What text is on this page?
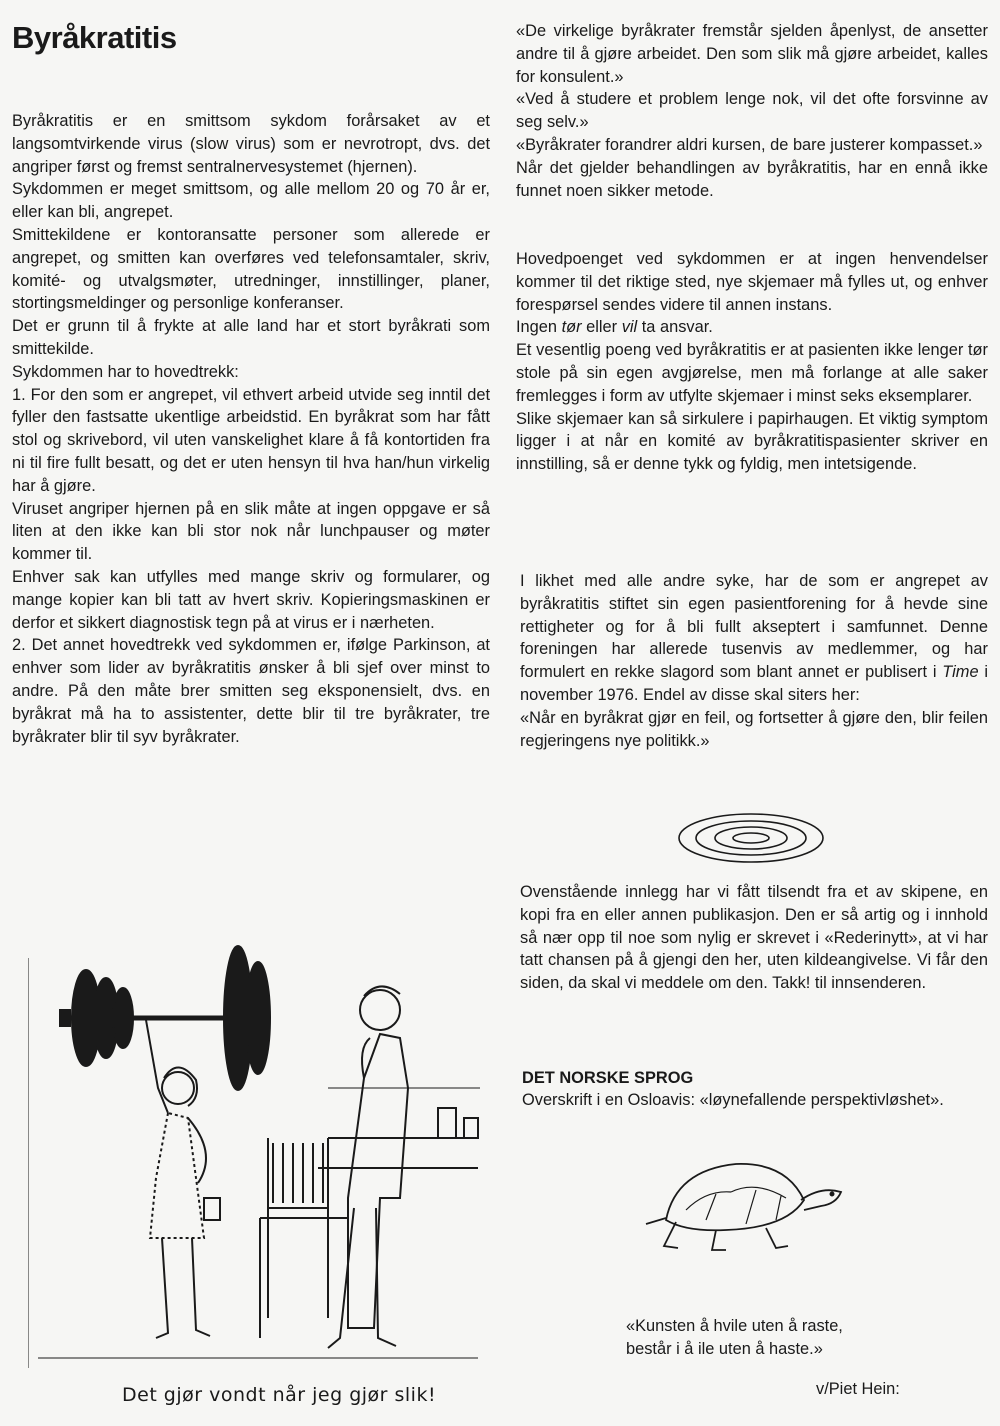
Byråkratitis

Byråkratitis er en smittsom sykdom forårsaket av et langsomtvirkende virus (slow virus) som er nevrotropt, dvs. det angriper først og fremst sentralnervesystemet (hjernen).

Sykdommen er meget smittsom, og alle mellom 20 og 70 år er, eller kan bli, angrepet.

Smittekildene er kontoransatte personer som allerede er angrepet, og smitten kan overføres ved telefonsamtaler, skriv, komité- og utvalgsmøter, utredninger, innstillinger, planer, stortingsmeldinger og personlige konferanser.

Det er grunn til å frykte at alle land har et stort byråkrati som smittekilde.

Sykdommen har to hovedtrekk:

1. For den som er angrepet, vil ethvert arbeid utvide seg inntil det fyller den fastsatte ukentlige arbeidstid. En byråkrat som har fått stol og skrivebord, vil uten vanskelighet klare å få kontortiden fra ni til fire fullt besatt, og det er uten hensyn til hva han/hun virkelig har å gjøre.

Viruset angriper hjernen på en slik måte at ingen oppgave er så liten at den ikke kan bli stor nok når lunchpauser og møter kommer til.

Enhver sak kan utfylles med mange skriv og formularer, og mange kopier kan bli tatt av hvert skriv. Kopieringsmaskinen er derfor et sikkert diagnostisk tegn på at virus er i nærheten.

2. Det annet hovedtrekk ved sykdommen er, ifølge Parkinson, at enhver som lider av byråkratitis ønsker å bli sjef over minst to andre. På den måte brer smitten seg eksponensielt, dvs. en byråkrat må ha to assistenter, dette blir til tre byråkrater, tre byråkrater blir til syv byråkrater.

Det gjør vondt når jeg gjør slik!

«De virkelige byråkrater fremstår sjelden åpenlyst, de ansetter andre til å gjøre arbeidet. Den som slik må gjøre arbeidet, kalles for konsulent.»

«Ved å studere et problem lenge nok, vil det ofte forsvinne av seg selv.»

«Byråkrater forandrer aldri kursen, de bare justerer kompasset.»

Når det gjelder behandlingen av byråkratitis, har en ennå ikke funnet noen sikker metode.

Hovedpoenget ved sykdommen er at ingen henvendelser kommer til det riktige sted, nye skjemaer må fylles ut, og enhver forespørsel sendes videre til annen instans.

Ingen tør eller vil ta ansvar.

Et vesentlig poeng ved byråkratitis er at pasienten ikke lenger tør stole på sin egen avgjørelse, men må forlange at alle saker fremlegges i form av utfylte skjemaer i minst seks eksemplarer.

Slike skjemaer kan så sirkulere i papirhaugen. Et viktig symptom ligger i at når en komité av byråkratitispasienter skriver en innstilling, så er denne tykk og fyldig, men intetsigende.

I likhet med alle andre syke, har de som er angrepet av byråkratitis stiftet sin egen pasientforening for å hevde sine rettigheter og for å bli fullt akseptert i samfunnet. Denne foreningen har allerede tusenvis av medlemmer, og har formulert en rekke slagord som blant annet er publisert i Time i november 1976. Endel av disse skal siters her:

«Når en byråkrat gjør en feil, og fortsetter å gjøre den, blir feilen regjeringens nye politikk.»

Ovenstående innlegg har vi fått tilsendt fra et av skipene, en kopi fra en eller annen publikasjon. Den er så artig og i innhold så nær opp til noe som nylig er skrevet i «Rederinytt», at vi har tatt chansen på å gjengi den her, uten kildeangivelse. Vi får den siden, da skal vi meddele om den. Takk! til innsenderen.

DET NORSKE SPROG

Overskrift i en Osloavis: «løynefallende perspektivløshet».

«Kunsten å hvile uten å raste,
består i å ile uten å haste.»
v/Piet Hein:
